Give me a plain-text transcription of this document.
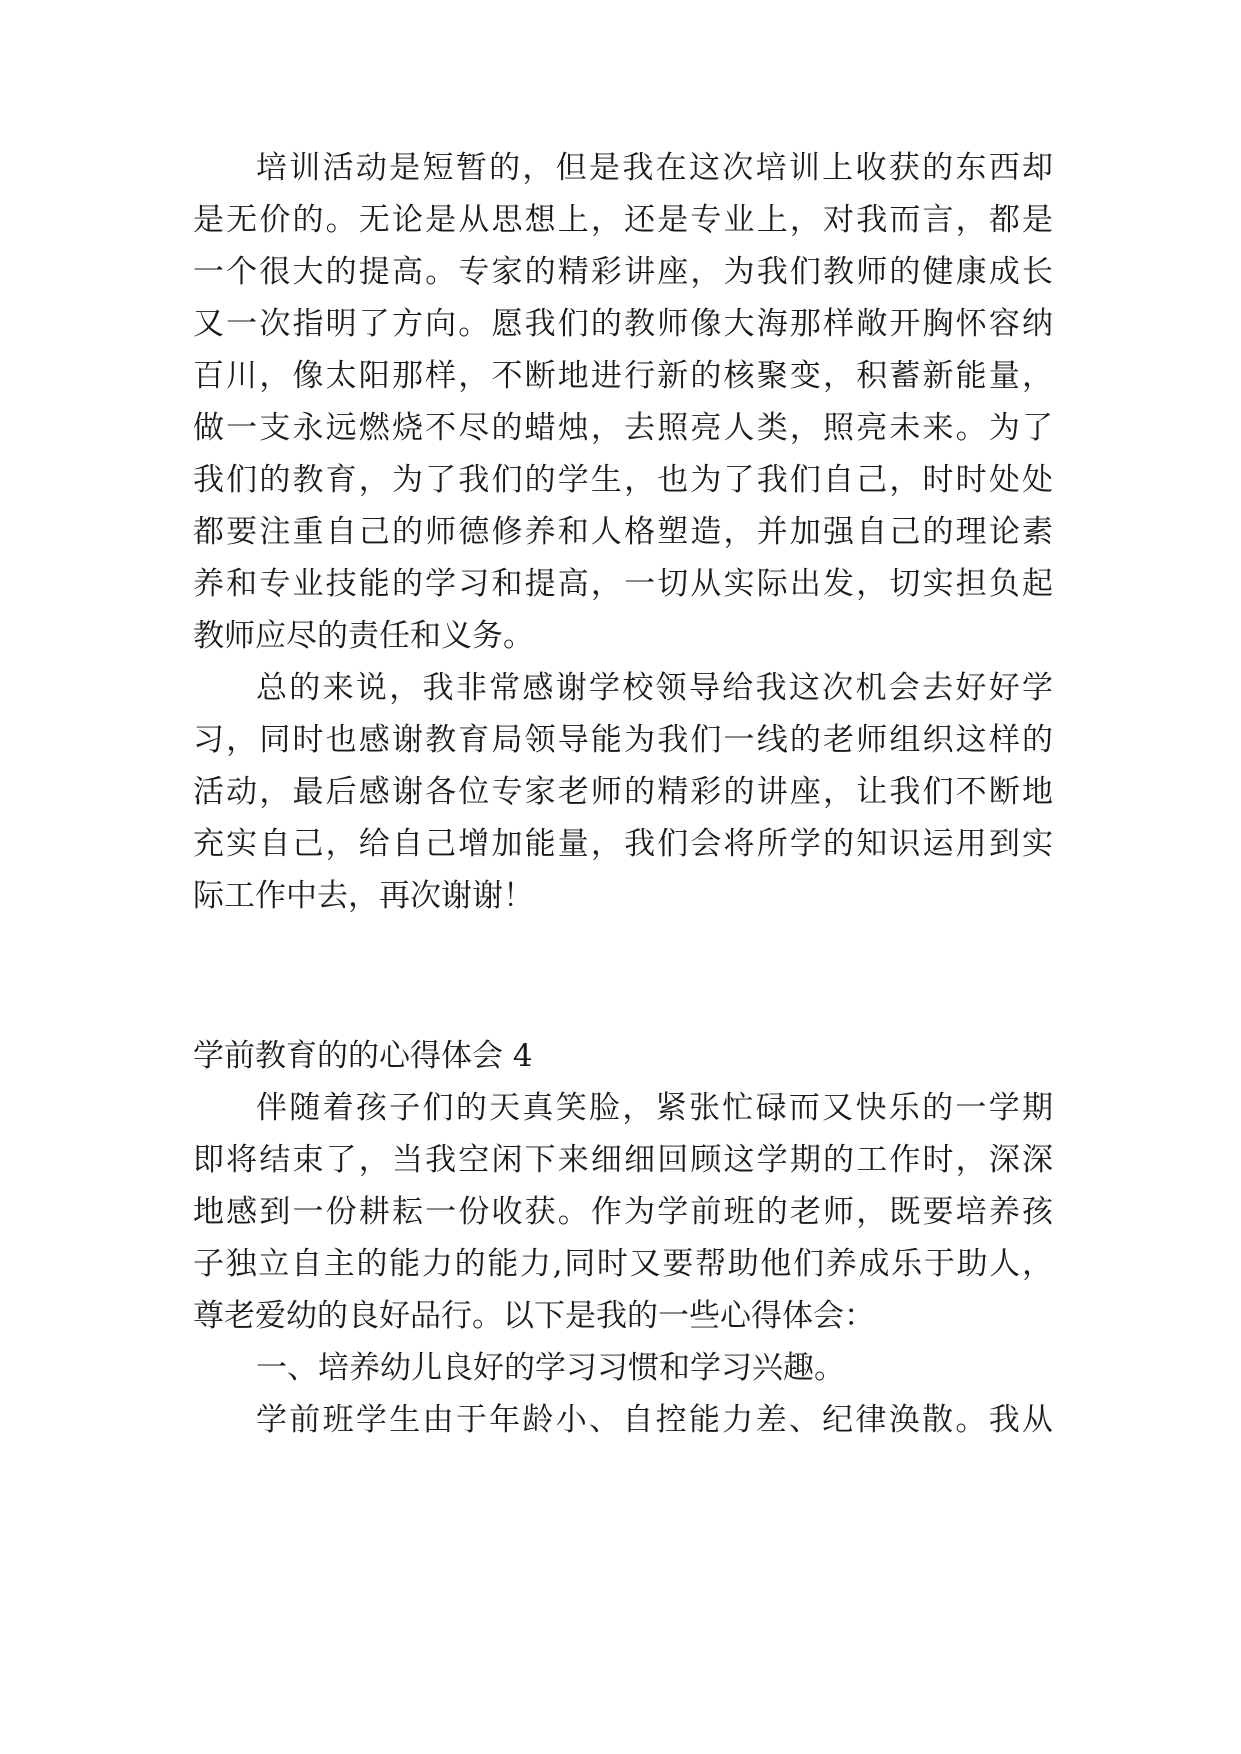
培训活动是短暂的，但是我在这次培训上收获的东西却
是无价的。无论是从思想上，还是专业上，对我而言，都是
一个很大的提高。专家的精彩讲座，为我们教师的健康成长
又一次指明了方向。愿我们的教师像大海那样敞开胸怀容纳
百川，像太阳那样，不断地进行新的核聚变，积蓄新能量，
做一支永远燃烧不尽的蜡烛，去照亮人类，照亮未来。为了
我们的教育，为了我们的学生，也为了我们自己，时时处处
都要注重自己的师德修养和人格塑造，并加强自己的理论素
养和专业技能的学习和提高，一切从实际出发，切实担负起
教师应尽的责任和义务。
总的来说，我非常感谢学校领导给我这次机会去好好学
习，同时也感谢教育局领导能为我们一线的老师组织这样的
活动，最后感谢各位专家老师的精彩的讲座，让我们不断地
充实自己，给自己增加能量，我们会将所学的知识运用到实
际工作中去，再次谢谢！
学前教育的的心得体会 4
伴随着孩子们的天真笑脸，紧张忙碌而又快乐的一学期
即将结束了，当我空闲下来细细回顾这学期的工作时，深深
地感到一份耕耘一份收获。作为学前班的老师，既要培养孩
子独立自主的能力的能力,同时又要帮助他们养成乐于助人，
尊老爱幼的良好品行。以下是我的一些心得体会：
一、培养幼儿良好的学习习惯和学习兴趣。
学前班学生由于年龄小、自控能力差、纪律涣散。我从
